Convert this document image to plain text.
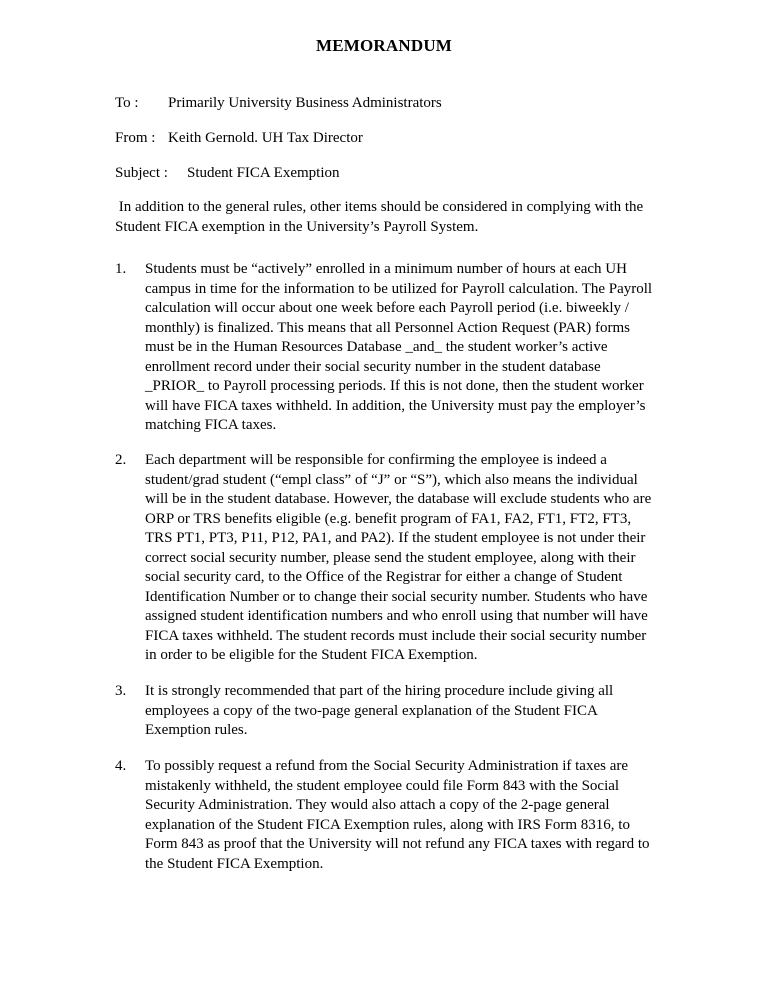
MEMORANDUM
To : Primarily University Business Administrators
From : Keith Gernold. UH Tax Director
Subject : Student FICA Exemption
In addition to the general rules, other items should be considered in complying with the Student FICA exemption in the University’s Payroll System.
1. Students must be “actively” enrolled in a minimum number of hours at each UH campus in time for the information to be utilized for Payroll calculation. The Payroll calculation will occur about one week before each Payroll period (i.e. biweekly / monthly) is finalized. This means that all Personnel Action Request (PAR) forms must be in the Human Resources Database _and_ the student worker’s active enrollment record under their social security number in the student database _PRIOR_ to Payroll processing periods. If this is not done, then the student worker will have FICA taxes withheld. In addition, the University must pay the employer’s matching FICA taxes.
2. Each department will be responsible for confirming the employee is indeed a student/grad student (“empl class” of “J” or “S”), which also means the individual will be in the student database. However, the database will exclude students who are ORP or TRS benefits eligible (e.g. benefit program of FA1, FA2, FT1, FT2, FT3, TRS PT1, PT3, P11, P12, PA1, and PA2). If the student employee is not under their correct social security number, please send the student employee, along with their social security card, to the Office of the Registrar for either a change of Student Identification Number or to change their social security number. Students who have assigned student identification numbers and who enroll using that number will have FICA taxes withheld. The student records must include their social security number in order to be eligible for the Student FICA Exemption.
3. It is strongly recommended that part of the hiring procedure include giving all employees a copy of the two-page general explanation of the Student FICA Exemption rules.
4. To possibly request a refund from the Social Security Administration if taxes are mistakenly withheld, the student employee could file Form 843 with the Social Security Administration. They would also attach a copy of the 2-page general explanation of the Student FICA Exemption rules, along with IRS Form 8316, to Form 843 as proof that the University will not refund any FICA taxes with regard to the Student FICA Exemption.
